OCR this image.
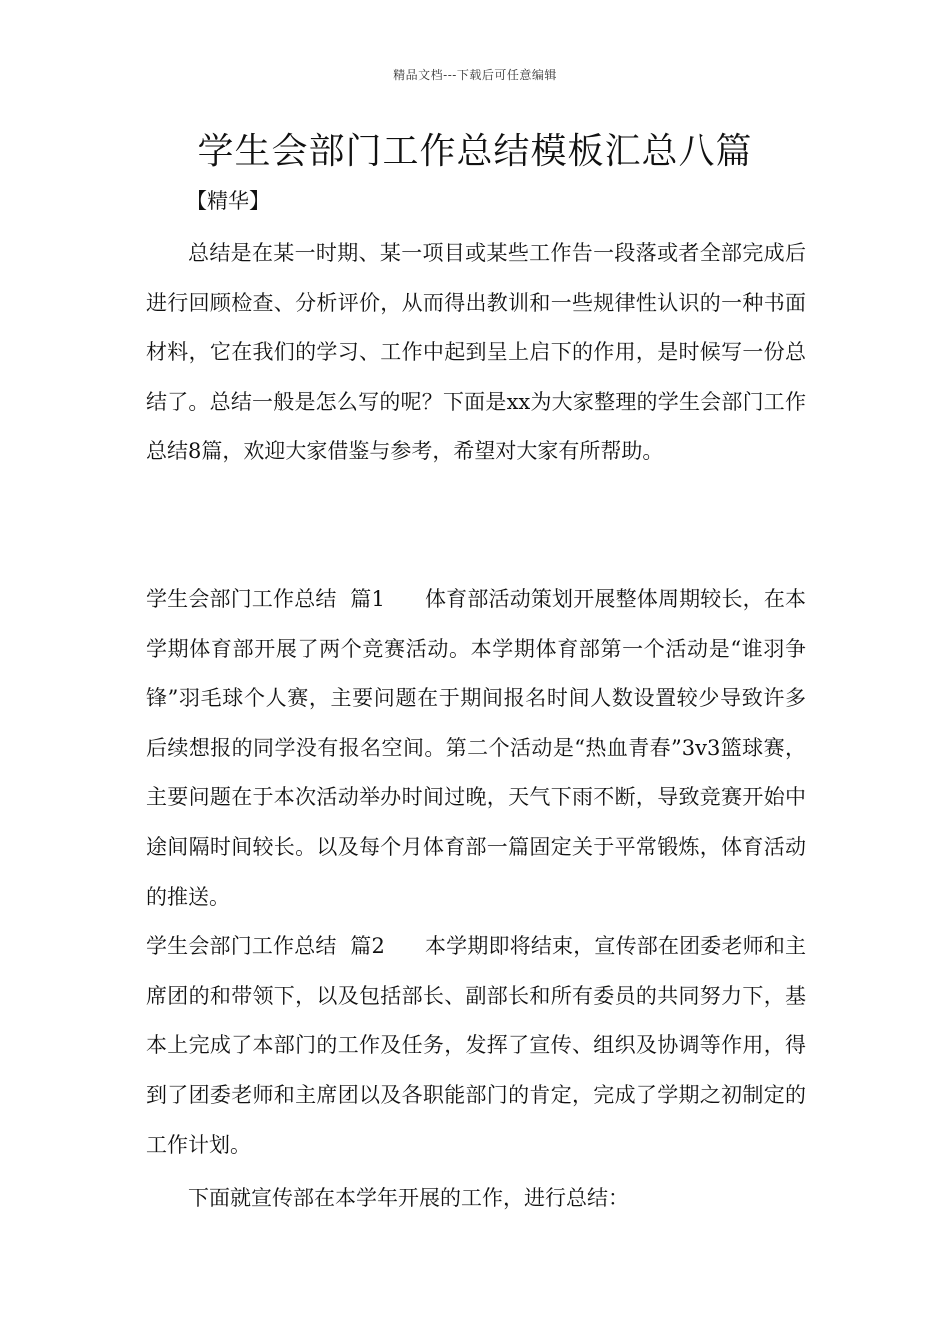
精品文档---下载后可任意编辑
学生会部门工作总结模板汇总八篇
【精华】

总结是在某一时期、某一项目或某些工作告一段落或者全部完成后进行回顾检查、分析评价，从而得出教训和一些规律性认识的一种书面材料，它在我们的学习、工作中起到呈上启下的作用，是时候写一份总结了。总结一般是怎么写的呢？下面是xx为大家整理的学生会部门工作总结8篇，欢迎大家借鉴与参考，希望对大家有所帮助。

学生会部门工作总结  篇1 体育部活动策划开展整体周期较长，在本学期体育部开展了两个竞赛活动。本学期体育部第一个活动是“谁羽争锋”羽毛球个人赛，主要问题在于期间报名时间人数设置较少导致许多后续想报的同学没有报名空间。第二个活动是“热血青春”3v3篮球赛，主要问题在于本次活动举办时间过晚，天气下雨不断，导致竞赛开始中途间隔时间较长。以及每个月体育部一篇固定关于平常锻炼，体育活动的推送。

学生会部门工作总结  篇2 本学期即将结束，宣传部在团委老师和主席团的和带领下，以及包括部长、副部长和所有委员的共同努力下，基本上完成了本部门的工作及任务，发挥了宣传、组织及协调等作用，得到了团委老师和主席团以及各职能部门的肯定，完成了学期之初制定的工作计划。

下面就宣传部在本学年开展的工作，进行总结：
